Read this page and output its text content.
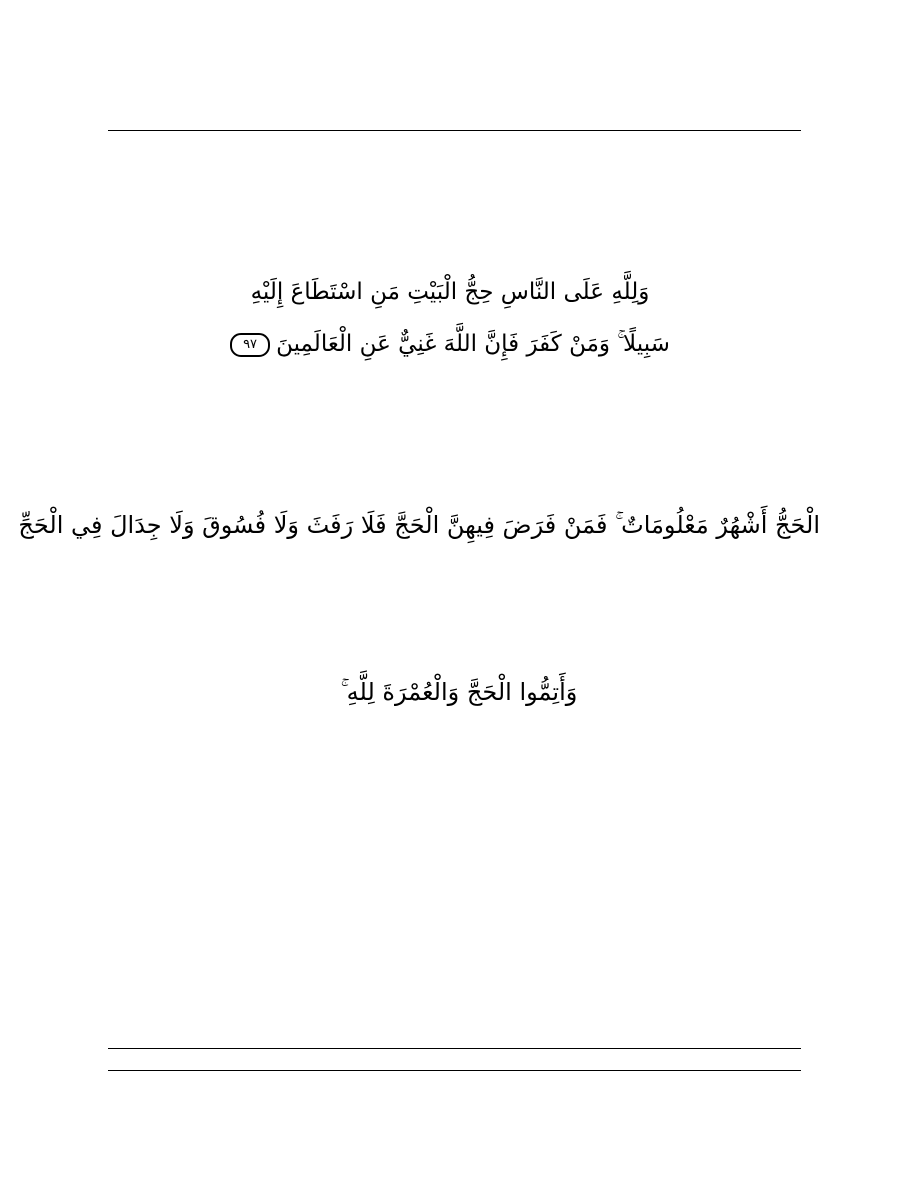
وَلِلَّهِ عَلَى النَّاسِ حِجُّ الْبَيْتِ مَنِ اسْتَطَاعَ إِلَيْهِ
سَبِيلًا ۚ وَمَنْ كَفَرَ فَإِنَّ اللَّهَ غَنِيٌّ عَنِ الْعَالَمِينَ٩٧
الْحَجُّ أَشْهُرٌ مَعْلُومَاتٌ ۚ فَمَنْ فَرَضَ فِيهِنَّ الْحَجَّ فَلَا رَفَثَ وَلَا فُسُوقَ وَلَا جِدَالَ فِي الْحَجِّ
وَأَتِمُّوا الْحَجَّ وَالْعُمْرَةَ لِلَّهِ ۚ
